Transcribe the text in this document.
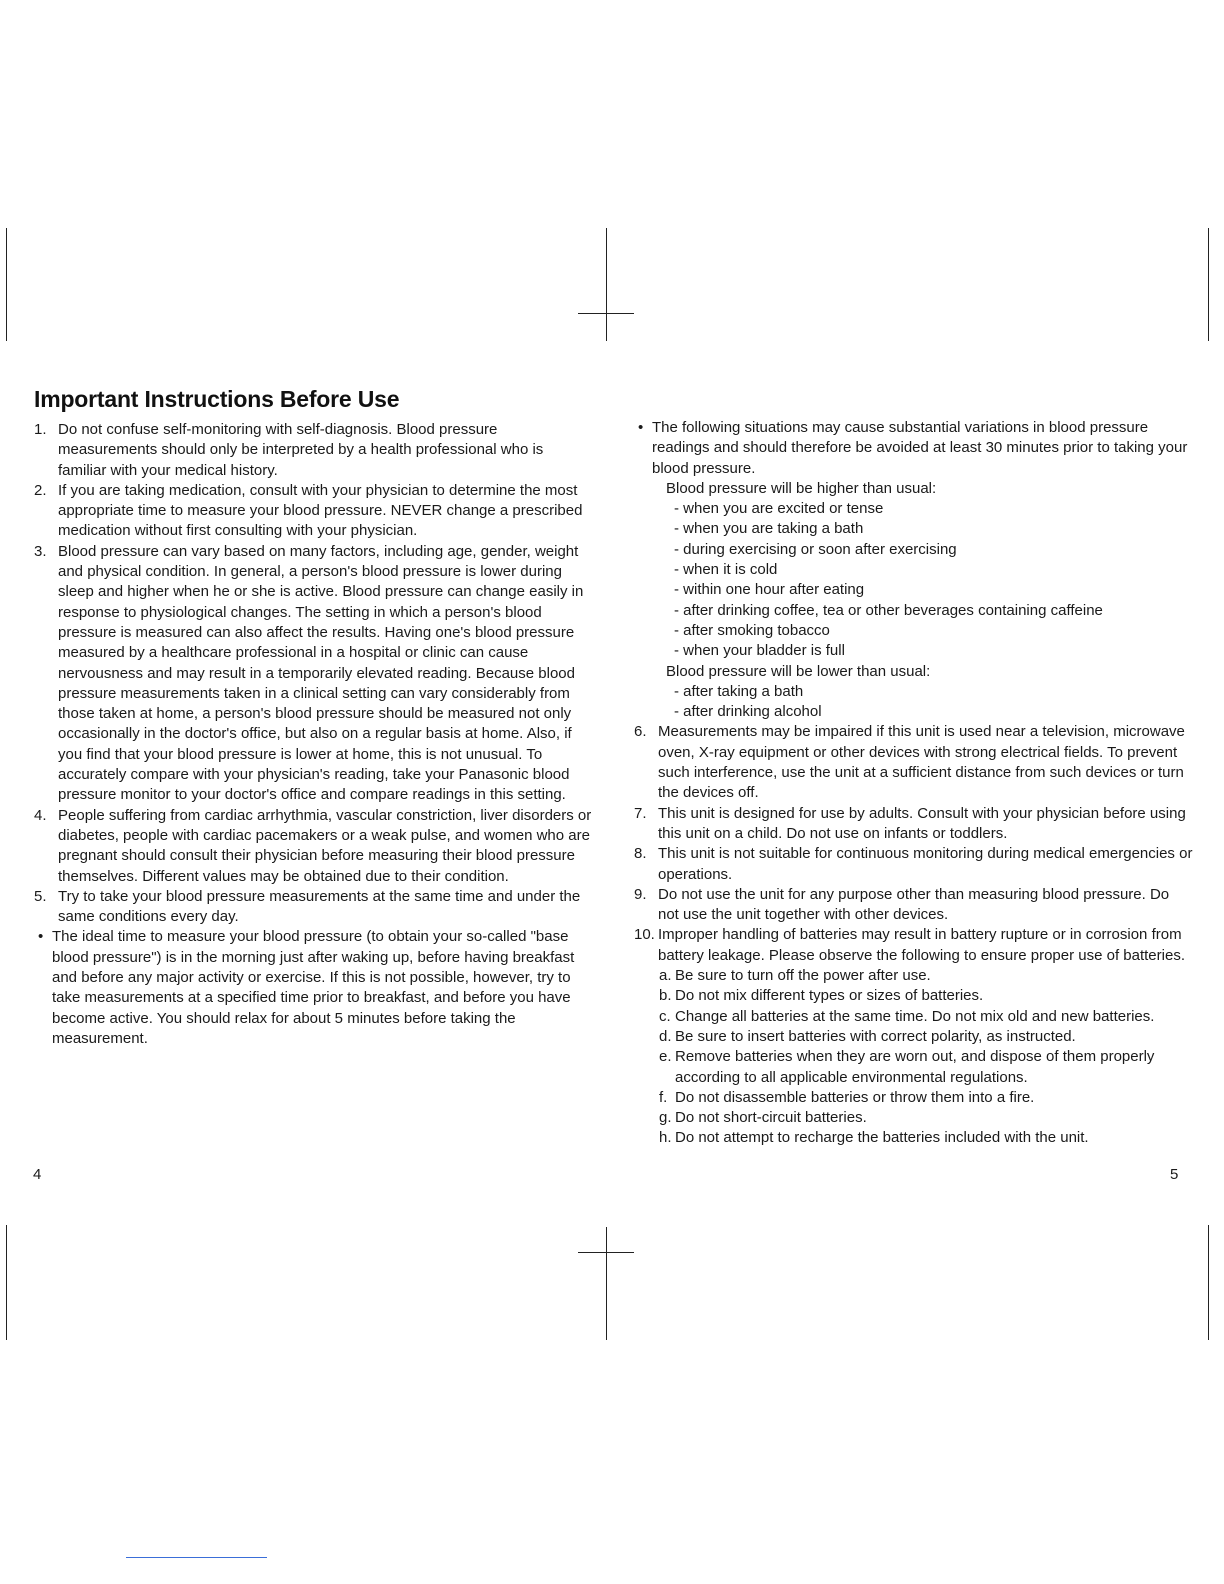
Important Instructions Before Use
1. Do not confuse self-monitoring with self-diagnosis. Blood pressure measurements should only be interpreted by a health professional who is familiar with your medical history.
2. If you are taking medication, consult with your physician to determine the most appropriate time to measure your blood pressure. NEVER change a prescribed medication without first consulting with your physician.
3. Blood pressure can vary based on many factors, including age, gender, weight and physical condition. In general, a person's blood pressure is lower during sleep and higher when he or she is active. Blood pressure can change easily in response to physiological changes. The setting in which a person's blood pressure is measured can also affect the results. Having one's blood pressure measured by a healthcare professional in a hospital or clinic can cause nervousness and may result in a temporarily elevated reading. Because blood pressure measurements taken in a clinical setting can vary considerably from those taken at home, a person's blood pressure should be measured not only occasionally in the doctor's office, but also on a regular basis at home. Also, if you find that your blood pressure is lower at home, this is not unusual. To accurately compare with your physician's reading, take your Panasonic blood pressure monitor to your doctor's office and compare readings in this setting.
4. People suffering from cardiac arrhythmia, vascular constriction, liver disorders or diabetes, people with cardiac pacemakers or a weak pulse, and women who are pregnant should consult their physician before measuring their blood pressure themselves. Different values may be obtained due to their condition.
5. Try to take your blood pressure measurements at the same time and under the same conditions every day.
• The ideal time to measure your blood pressure (to obtain your so-called "base blood pressure") is in the morning just after waking up, before having breakfast and before any major activity or exercise. If this is not possible, however, try to take measurements at a specified time prior to breakfast, and before you have become active. You should relax for about 5 minutes before taking the measurement.
• The following situations may cause substantial variations in blood pressure readings and should therefore be avoided at least 30 minutes prior to taking your blood pressure.
Blood pressure will be higher than usual:
- when you are excited or tense
- when you are taking a bath
- during exercising or soon after exercising
- when it is cold
- within one hour after eating
- after drinking coffee, tea or other beverages containing caffeine
- after smoking tobacco
- when your bladder is full
Blood pressure will be lower than usual:
- after taking a bath
- after drinking alcohol
6. Measurements may be impaired if this unit is used near a television, microwave oven, X-ray equipment or other devices with strong electrical fields. To prevent such interference, use the unit at a sufficient distance from such devices or turn the devices off.
7. This unit is designed for use by adults. Consult with your physician before using this unit on a child. Do not use on infants or toddlers.
8. This unit is not suitable for continuous monitoring during medical emergencies or operations.
9. Do not use the unit for any purpose other than measuring blood pressure. Do not use the unit together with other devices.
10. Improper handling of batteries may result in battery rupture or in corrosion from battery leakage. Please observe the following to ensure proper use of batteries.
a. Be sure to turn off the power after use.
b. Do not mix different types or sizes of batteries.
c. Change all batteries at the same time. Do not mix old and new batteries.
d. Be sure to insert batteries with correct polarity, as instructed.
e. Remove batteries when they are worn out, and dispose of them properly according to all applicable environmental regulations.
f. Do not disassemble batteries or throw them into a fire.
g. Do not short-circuit batteries.
h. Do not attempt to recharge the batteries included with the unit.
4	5
